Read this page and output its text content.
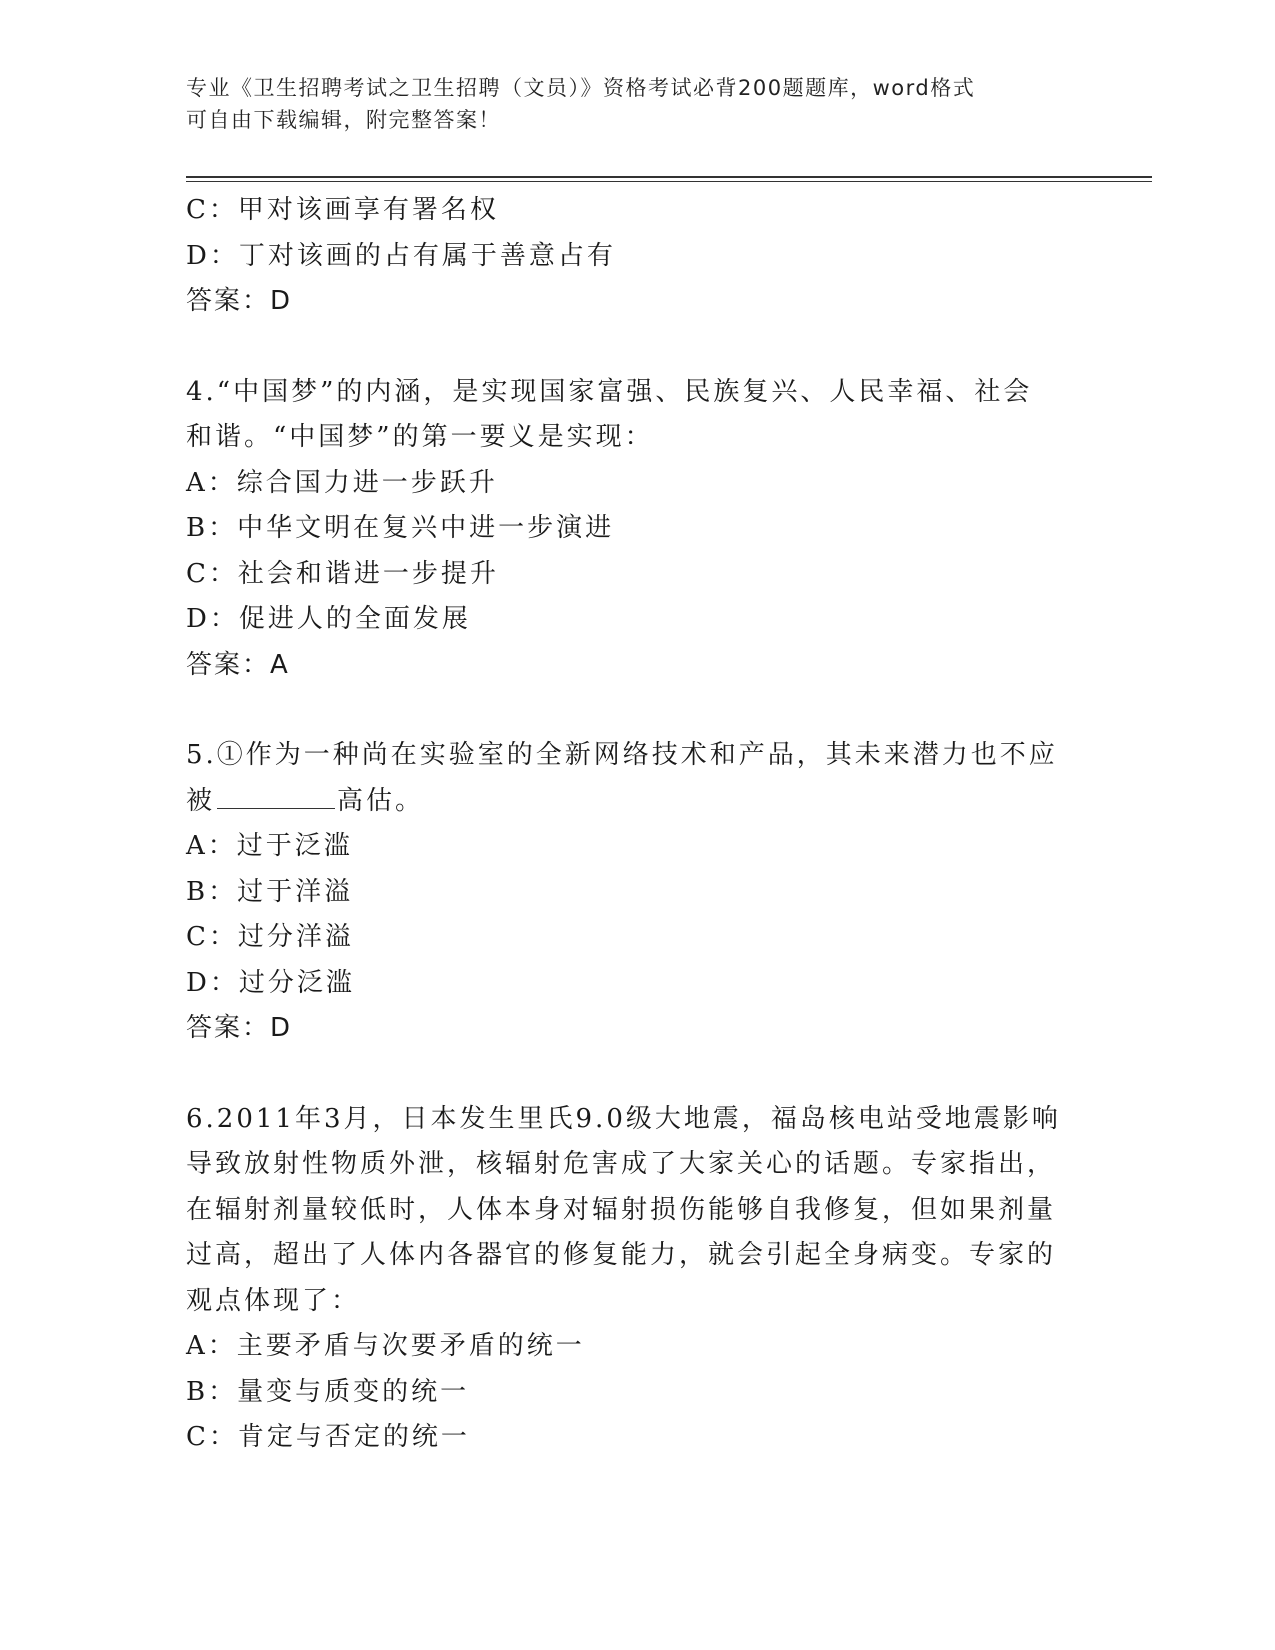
专业《卫生招聘考试之卫生招聘（文员）》资格考试必背200题题库，word格式
可自由下载编辑，附完整答案！
C：甲对该画享有署名权
D：丁对该画的占有属于善意占有
答案：D
4.“中国梦”的内涵，是实现国家富强、民族复兴、人民幸福、社会
和谐。“中国梦”的第一要义是实现：
A：综合国力进一步跃升
B：中华文明在复兴中进一步演进
C：社会和谐进一步提升
D：促进人的全面发展
答案：A
5.①作为一种尚在实验室的全新网络技术和产品，其未来潜力也不应
被	高估。
A：过于泛滥
B：过于洋溢
C：过分洋溢
D：过分泛滥
答案：D
6.2011年3月，日本发生里氏9.0级大地震，福岛核电站受地震影响
导致放射性物质外泄，核辐射危害成了大家关心的话题。专家指出，
在辐射剂量较低时，人体本身对辐射损伤能够自我修复，但如果剂量
过高，超出了人体内各器官的修复能力，就会引起全身病变。专家的
观点体现了：
A：主要矛盾与次要矛盾的统一
B：量变与质变的统一
C：肯定与否定的统一
